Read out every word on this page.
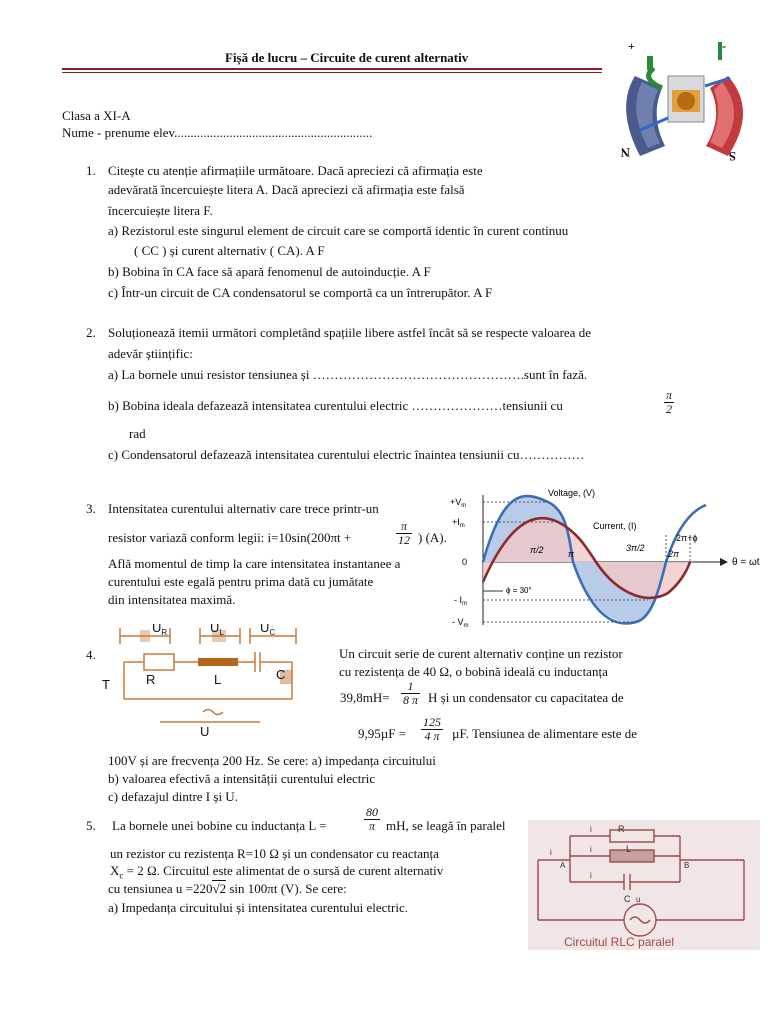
Fișă de lucru – Circuite de curent alternativ
+	-
N	S
Clasa a XI-A
Nume - prenume elev.............................................................
1. Citește cu atenție afirmațiile următoare. Dacă apreciezi că afirmația este
adevărată încercuiește litera A. Dacă apreciezi că afirmația este falsă
încercuiește litera F.
a) Rezistorul este singurul element de circuit care se comportă identic în curent continuu
( CC ) și curent alternativ ( CA). A F
b) Bobina în CA face să apară fenomenul de autoinducție. A F
c) Într-un circuit de CA condensatorul se comportă ca un întrerupător. A F
2. Soluționează itemii următori completând spațiile libere astfel încât să se respecte valoarea de
adevăr științific:
a) La bornele unui resistor tensiunea și ………………………………………….sunt în fază.
b) Bobina ideala defazează intensitatea curentului electric …………………tensiunii cu	$\frac{\pi}{2}$
rad
c) Condensatorul defazează intensitatea curentului electric înaintea tensiunii cu……………
3. Intensitatea curentului alternativ care trece printr-un
resistor variază conform legii: i=10sin(200πt +	$\frac{\pi}{12}$ ) (A).
Află momentul de timp la care intensitatea instantanee a
curentului este egală pentru prima dată cu jumătate
din intensitatea maximă.
$+V_m$
$+I_m$
0
- $I_m$
- $V_m$
Voltage, (V)
Current, (I)
π/2	π
3π/2
2π
2π+ϕ
θ = ωt
ϕ = 30°
4.
$U_R$	$U_L$	$U_C$
R	L	C
U
T
Un circuit serie de curent alternativ conține un rezistor
cu rezistența de 40 Ω, o bobină ideală cu inductanța
$39,8mH= \frac{1}{8 \pi}$ H și un condensator cu capacitatea de
$9,95\mu F = \frac{125}{4 \pi} \mu F$. Tensiunea de alimentare este de
100V și are frecvența 200 Hz. Se cere: a) impedanța circuitului
b) valoarea efectivă a intensității curentului electric
c) defazajul dintre I și U.
5. La bornele unei bobine cu inductanța L =	$\frac{80}{\pi}$ mH, se leagă în paralel
un rezistor cu rezistența R=10 Ω și un condensator cu reactanța
$X_c = 2$ Ω. Circuitul este alimentat de o sursă de curent alternativ
cu tensiunea u =220√2 sin 100πt (V). Se cere:
a) Impedanța circuitului și intensitatea curentului electric.
R
L
C
i
i
i
i
A	B
u
Circuitul RLC paralel
